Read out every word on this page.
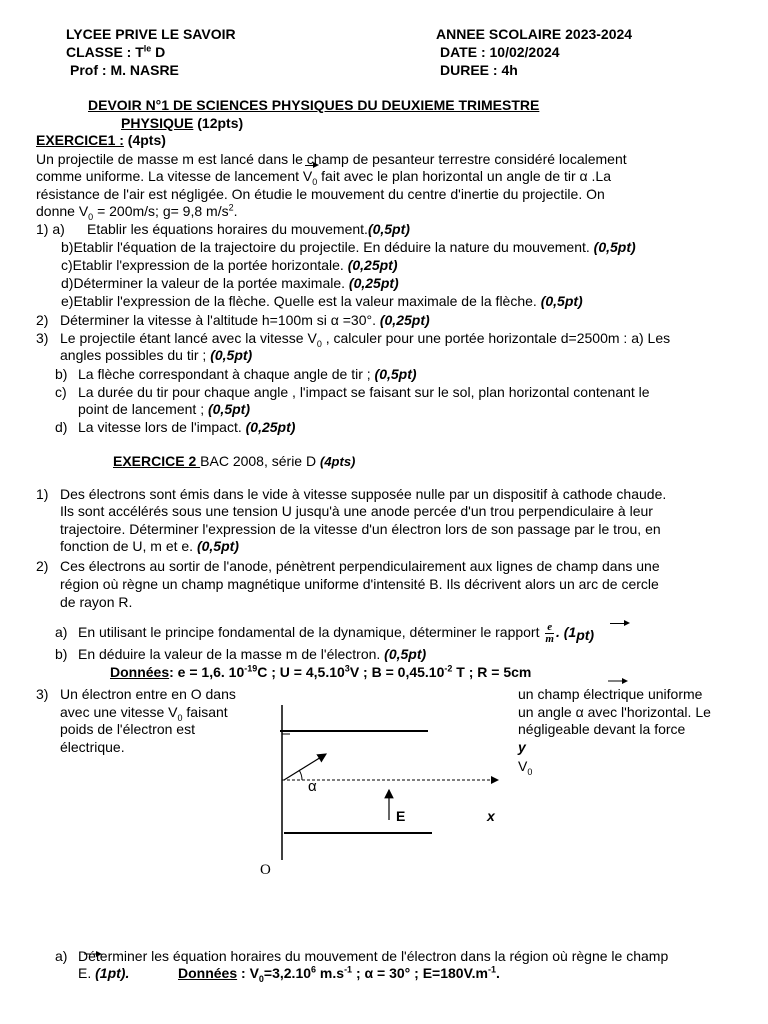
LYCEE PRIVE LE SAVOIR	ANNEE SCOLAIRE 2023-2024
CLASSE : $T^{le}$ D	DATE : 10/02/2024
Prof : M. NASRE	DUREE : 4h
DEVOIR N°1 DE SCIENCES PHYSIQUES DU DEUXIEME TRIMESTRE
PHYSIQUE (12pts)
EXERCICE1 : (4pts)
Un projectile de masse m est lancé dans le champ de pesanteur terrestre considéré localement
comme uniforme. La vitesse de lancement $V_0$ fait avec le plan horizontal un angle de tir α .La
résistance de l'air est négligée. On étudie le mouvement du centre d'inertie du projectile. On
donne $V_0 = 200m/s$; g= 9,8 $m/s^2$.
1) a) Etablir les équations horaires du mouvement.(0,5pt)
b)Etablir l'équation de la trajectoire du projectile. En déduire la nature du mouvement. (0,5pt)
c)Etablir l'expression de la portée horizontale. (0,25pt)
d)Déterminer la valeur de la portée maximale. (0,25pt)
e)Etablir l'expression de la flèche. Quelle est la valeur maximale de la flèche. (0,5pt)
2) Déterminer la vitesse à l'altitude h=100m si α =30°. (0,25pt)
3) Le projectile étant lancé avec la vitesse $V_0$ , calculer pour une portée horizontale d=2500m : a) Les
angles possibles du tir ; (0,5pt)
b) La flèche correspondant à chaque angle de tir ; (0,5pt)
c) La durée du tir pour chaque angle , l'impact se faisant sur le sol, plan horizontal contenant le
point de lancement ; (0,5pt)
d) La vitesse lors de l'impact. (0,25pt)
EXERCICE 2 BAC 2008, série D (4pts)
1) Des électrons sont émis dans le vide à vitesse supposée nulle par un dispositif à cathode chaude.
Ils sont accélérés sous une tension U jusqu'à une anode percée d'un trou perpendiculaire à leur
trajectoire. Déterminer l'expression de la vitesse d'un électron lors de son passage par le trou, en
fonction de U, m et e. (0,5pt)
2) Ces électrons au sortir de l'anode, pénètrent perpendiculairement aux lignes de champ dans une
région où règne un champ magnétique uniforme d'intensité B. Ils décrivent alors un arc de cercle
de rayon R.
a) En utilisant le principe fondamental de la dynamique, déterminer le rapport $\frac{e}{m}$ . (1pt)
b) En déduire la valeur de la masse m de l'électron. (0,5pt)
Données: e = 1,6. $10^{-19}C$ ; $U = 4,5.10^3V$ ; $B = 0,45.10^{-2}$ T ; R = 5cm
3) Un électron entre en O dans
avec une vitesse $V_0$ faisant
poids de l'électron est
électrique.
un champ électrique uniforme
un angle α avec l'horizontal. Le
négligeable devant la force
y
$V_0$
α
E	x
O
a) Déterminer les équation horaires du mouvement de l'électron dans la région où règne le champ
E. (1pt).	Données : $V_0=3,2.10^6$ $m.s^{-1}$ ; α = 30° ; $E=180V.m^{-1}$.
